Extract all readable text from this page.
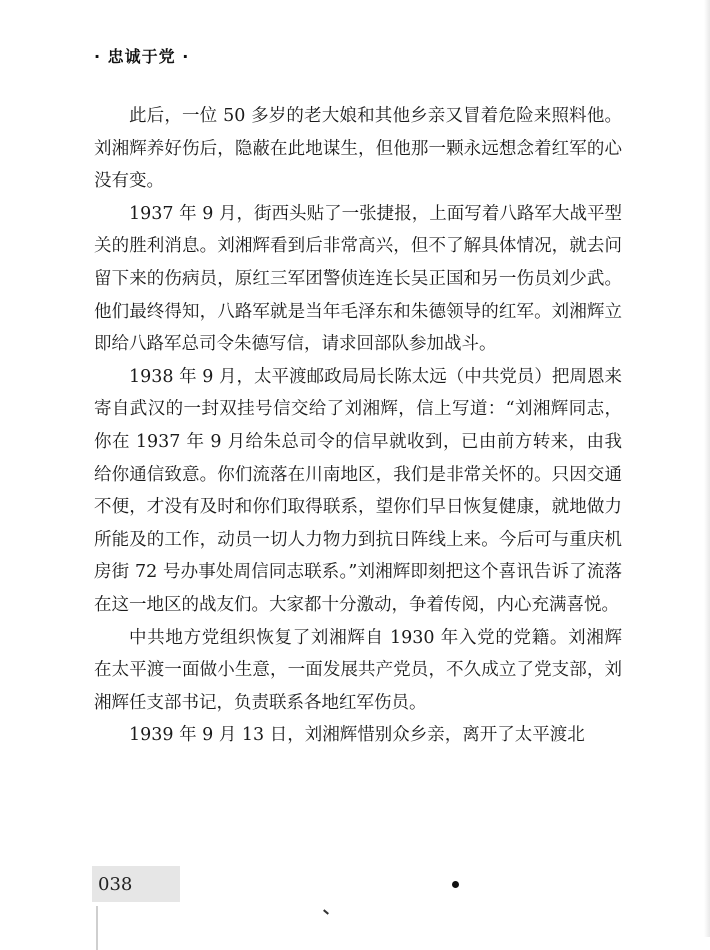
· 忠诚于党 ·

此后，一位 50 多岁的老大娘和其他乡亲又冒着危险来照料他。刘湘辉养好伤后，隐蔽在此地谋生，但他那一颗永远想念着红军的心没有变。

1937 年 9 月，街西头贴了一张捷报，上面写着八路军大战平型关的胜利消息。刘湘辉看到后非常高兴，但不了解具体情况，就去问留下来的伤病员，原红三军团警侦连连长吴正国和另一伤员刘少武。他们最终得知，八路军就是当年毛泽东和朱德领导的红军。刘湘辉立即给八路军总司令朱德写信，请求回部队参加战斗。

1938 年 9 月，太平渡邮政局局长陈太远（中共党员）把周恩来寄自武汉的一封双挂号信交给了刘湘辉，信上写道：“刘湘辉同志，你在 1937 年 9 月给朱总司令的信早就收到，已由前方转来，由我给你通信致意。你们流落在川南地区，我们是非常关怀的。只因交通不便，才没有及时和你们取得联系，望你们早日恢复健康，就地做力所能及的工作，动员一切人力物力到抗日阵线上来。今后可与重庆机房街 72 号办事处周信同志联系。”刘湘辉即刻把这个喜讯告诉了流落在这一地区的战友们。大家都十分激动，争着传阅，内心充满喜悦。

中共地方党组织恢复了刘湘辉自 1930 年入党的党籍。刘湘辉在太平渡一面做小生意，一面发展共产党员，不久成立了党支部，刘湘辉任支部书记，负责联系各地红军伤员。

1939 年 9 月 13 日，刘湘辉惜别众乡亲，离开了太平渡北

038
